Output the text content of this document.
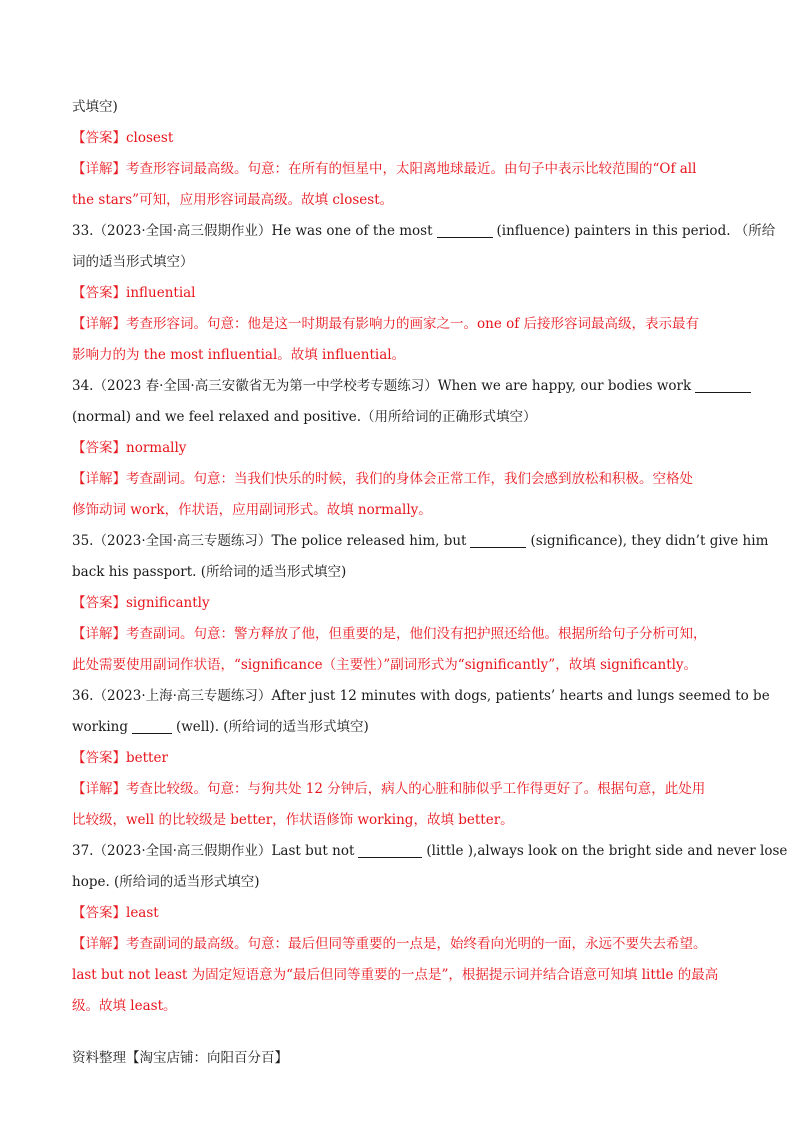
式填空)
【答案】closest
【详解】考查形容词最高级。句意：在所有的恒星中，太阳离地球最近。由句子中表示比较范围的“Of all
the stars”可知，应用形容词最高级。故填 closest。
33.（2023·全国·高三假期作业）He was one of the most	(influence) painters in this period. （所给
词的适当形式填空）
【答案】influential
【详解】考查形容词。句意：他是这一时期最有影响力的画家之一。one of 后接形容词最高级，表示最有
影响力的为 the most influential。故填 influential。
34.（2023 春·全国·高三安徽省无为第一中学校考专题练习）When we are happy, our bodies work
(normal) and we feel relaxed and positive.（用所给词的正确形式填空）
【答案】normally
【详解】考查副词。句意：当我们快乐的时候，我们的身体会正常工作，我们会感到放松和积极。空格处
修饰动词 work，作状语，应用副词形式。故填 normally。
35.（2023·全国·高三专题练习）The police released him, but	(significance), they didn’t give him
back his passport. (所给词的适当形式填空)
【答案】significantly
【详解】考查副词。句意：警方释放了他，但重要的是，他们没有把护照还给他。根据所给句子分析可知，
此处需要使用副词作状语，“significance（主要性）”副词形式为“significantly”，故填 significantly。
36.（2023·上海·高三专题练习）After just 12 minutes with dogs, patients’ hearts and lungs seemed to be
working	(well). (所给词的适当形式填空)
【答案】better
【详解】考查比较级。句意：与狗共处 12 分钟后，病人的心脏和肺似乎工作得更好了。根据句意，此处用
比较级，well 的比较级是 better，作状语修饰 working，故填 better。
37.（2023·全国·高三假期作业）Last but not	(little ),always look on the bright side and never lose
hope. (所给词的适当形式填空)
【答案】least
【详解】考查副词的最高级。句意：最后但同等重要的一点是，始终看向光明的一面，永远不要失去希望。
last but not least 为固定短语意为“最后但同等重要的一点是”，根据提示词并结合语意可知填 little 的最高
级。故填 least。
资料整理【淘宝店铺：向阳百分百】
